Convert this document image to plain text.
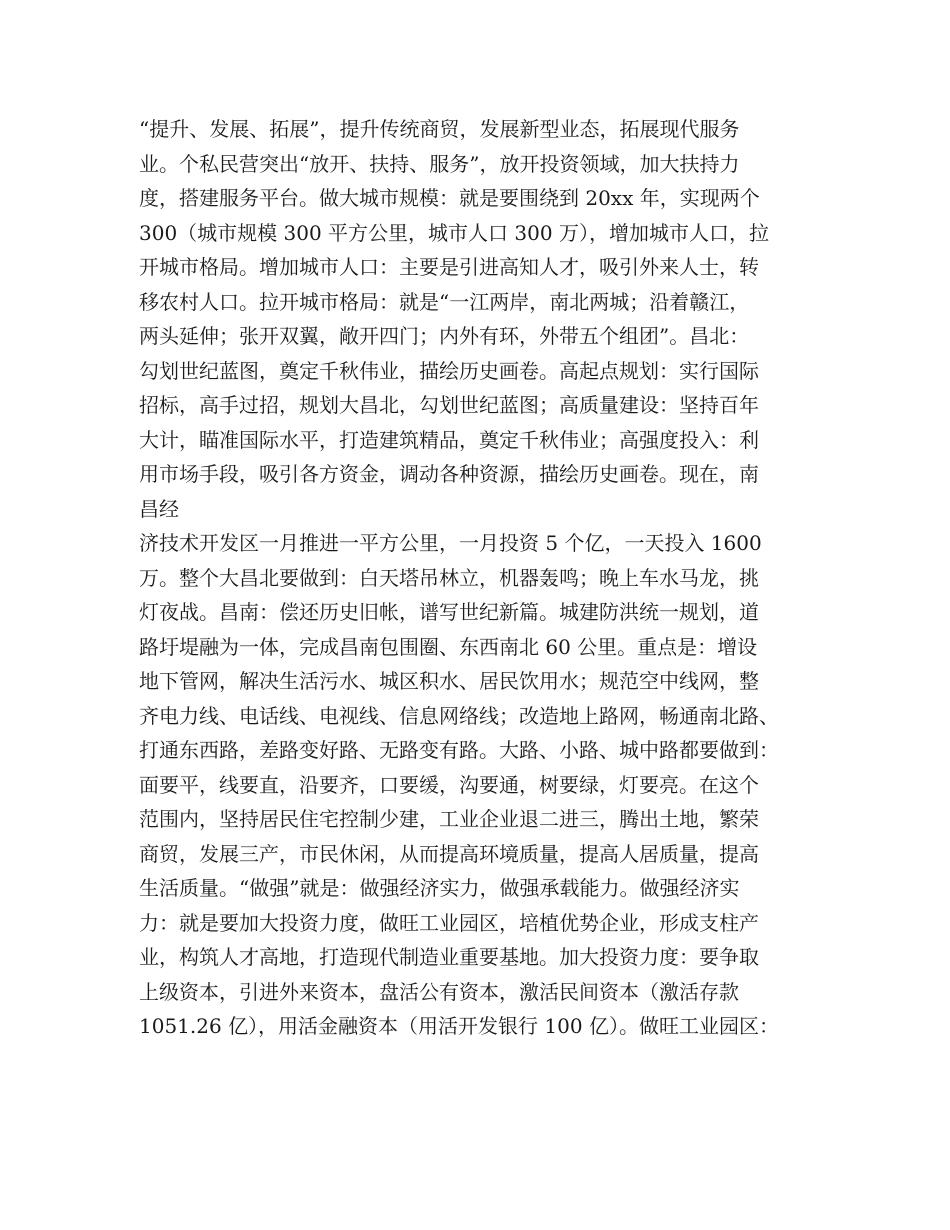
“提升、发展、拓展”，提升传统商贸，发展新型业态，拓展现代服务
业。个私民营突出“放开、扶持、服务”，放开投资领域，加大扶持力
度，搭建服务平台。做大城市规模：就是要围绕到 20xx 年，实现两个
300（城市规模 300 平方公里，城市人口 300 万），增加城市人口，拉
开城市格局。增加城市人口：主要是引进高知人才，吸引外来人士，转
移农村人口。拉开城市格局：就是“一江两岸，南北两城；沿着赣江，
两头延伸；张开双翼，敞开四门；内外有环，外带五个组团”。昌北：
勾划世纪蓝图，奠定千秋伟业，描绘历史画卷。高起点规划：实行国际
招标，高手过招，规划大昌北，勾划世纪蓝图；高质量建设：坚持百年
大计，瞄准国际水平，打造建筑精品，奠定千秋伟业；高强度投入：利
用市场手段，吸引各方资金，调动各种资源，描绘历史画卷。现在，南
昌经
济技术开发区一月推进一平方公里，一月投资 5 个亿，一天投入 1600
万。整个大昌北要做到：白天塔吊林立，机器轰鸣；晚上车水马龙，挑
灯夜战。昌南：偿还历史旧帐，谱写世纪新篇。城建防洪统一规划，道
路圩堤融为一体，完成昌南包围圈、东西南北 60 公里。重点是：增设
地下管网，解决生活污水、城区积水、居民饮用水；规范空中线网，整
齐电力线、电话线、电视线、信息网络线；改造地上路网，畅通南北路、
打通东西路，差路变好路、无路变有路。大路、小路、城中路都要做到：
面要平，线要直，沿要齐，口要缓，沟要通，树要绿，灯要亮。在这个
范围内，坚持居民住宅控制少建，工业企业退二进三，腾出土地，繁荣
商贸，发展三产，市民休闲，从而提高环境质量，提高人居质量，提高
生活质量。“做强”就是：做强经济实力，做强承载能力。做强经济实
力：就是要加大投资力度，做旺工业园区，培植优势企业，形成支柱产
业，构筑人才高地，打造现代制造业重要基地。加大投资力度：要争取
上级资本，引进外来资本，盘活公有资本，激活民间资本（激活存款
1051.26 亿），用活金融资本（用活开发银行 100 亿）。做旺工业园区：
